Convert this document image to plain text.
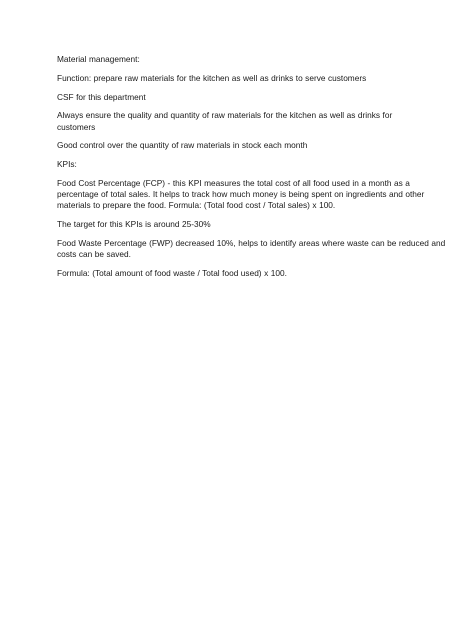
Material management:

Function: prepare raw materials for the kitchen as well as drinks to serve customers

CSF for this department

Always ensure the quality and quantity of raw materials for the kitchen as well as drinks for customers

Good control over the quantity of raw materials in stock each month

KPIs:

Food Cost Percentage (FCP) - this KPI measures the total cost of all food used in a month as a
percentage of total sales. It helps to track how much money is being spent on ingredients and other
materials to prepare the food. Formula: (Total food cost / Total sales) x 100.

The target for this KPIs is around 25-30%

Food Waste Percentage (FWP) decreased 10%, helps to identify areas where waste can be reduced and
costs can be saved.

Formula: (Total amount of food waste / Total food used) x 100.
